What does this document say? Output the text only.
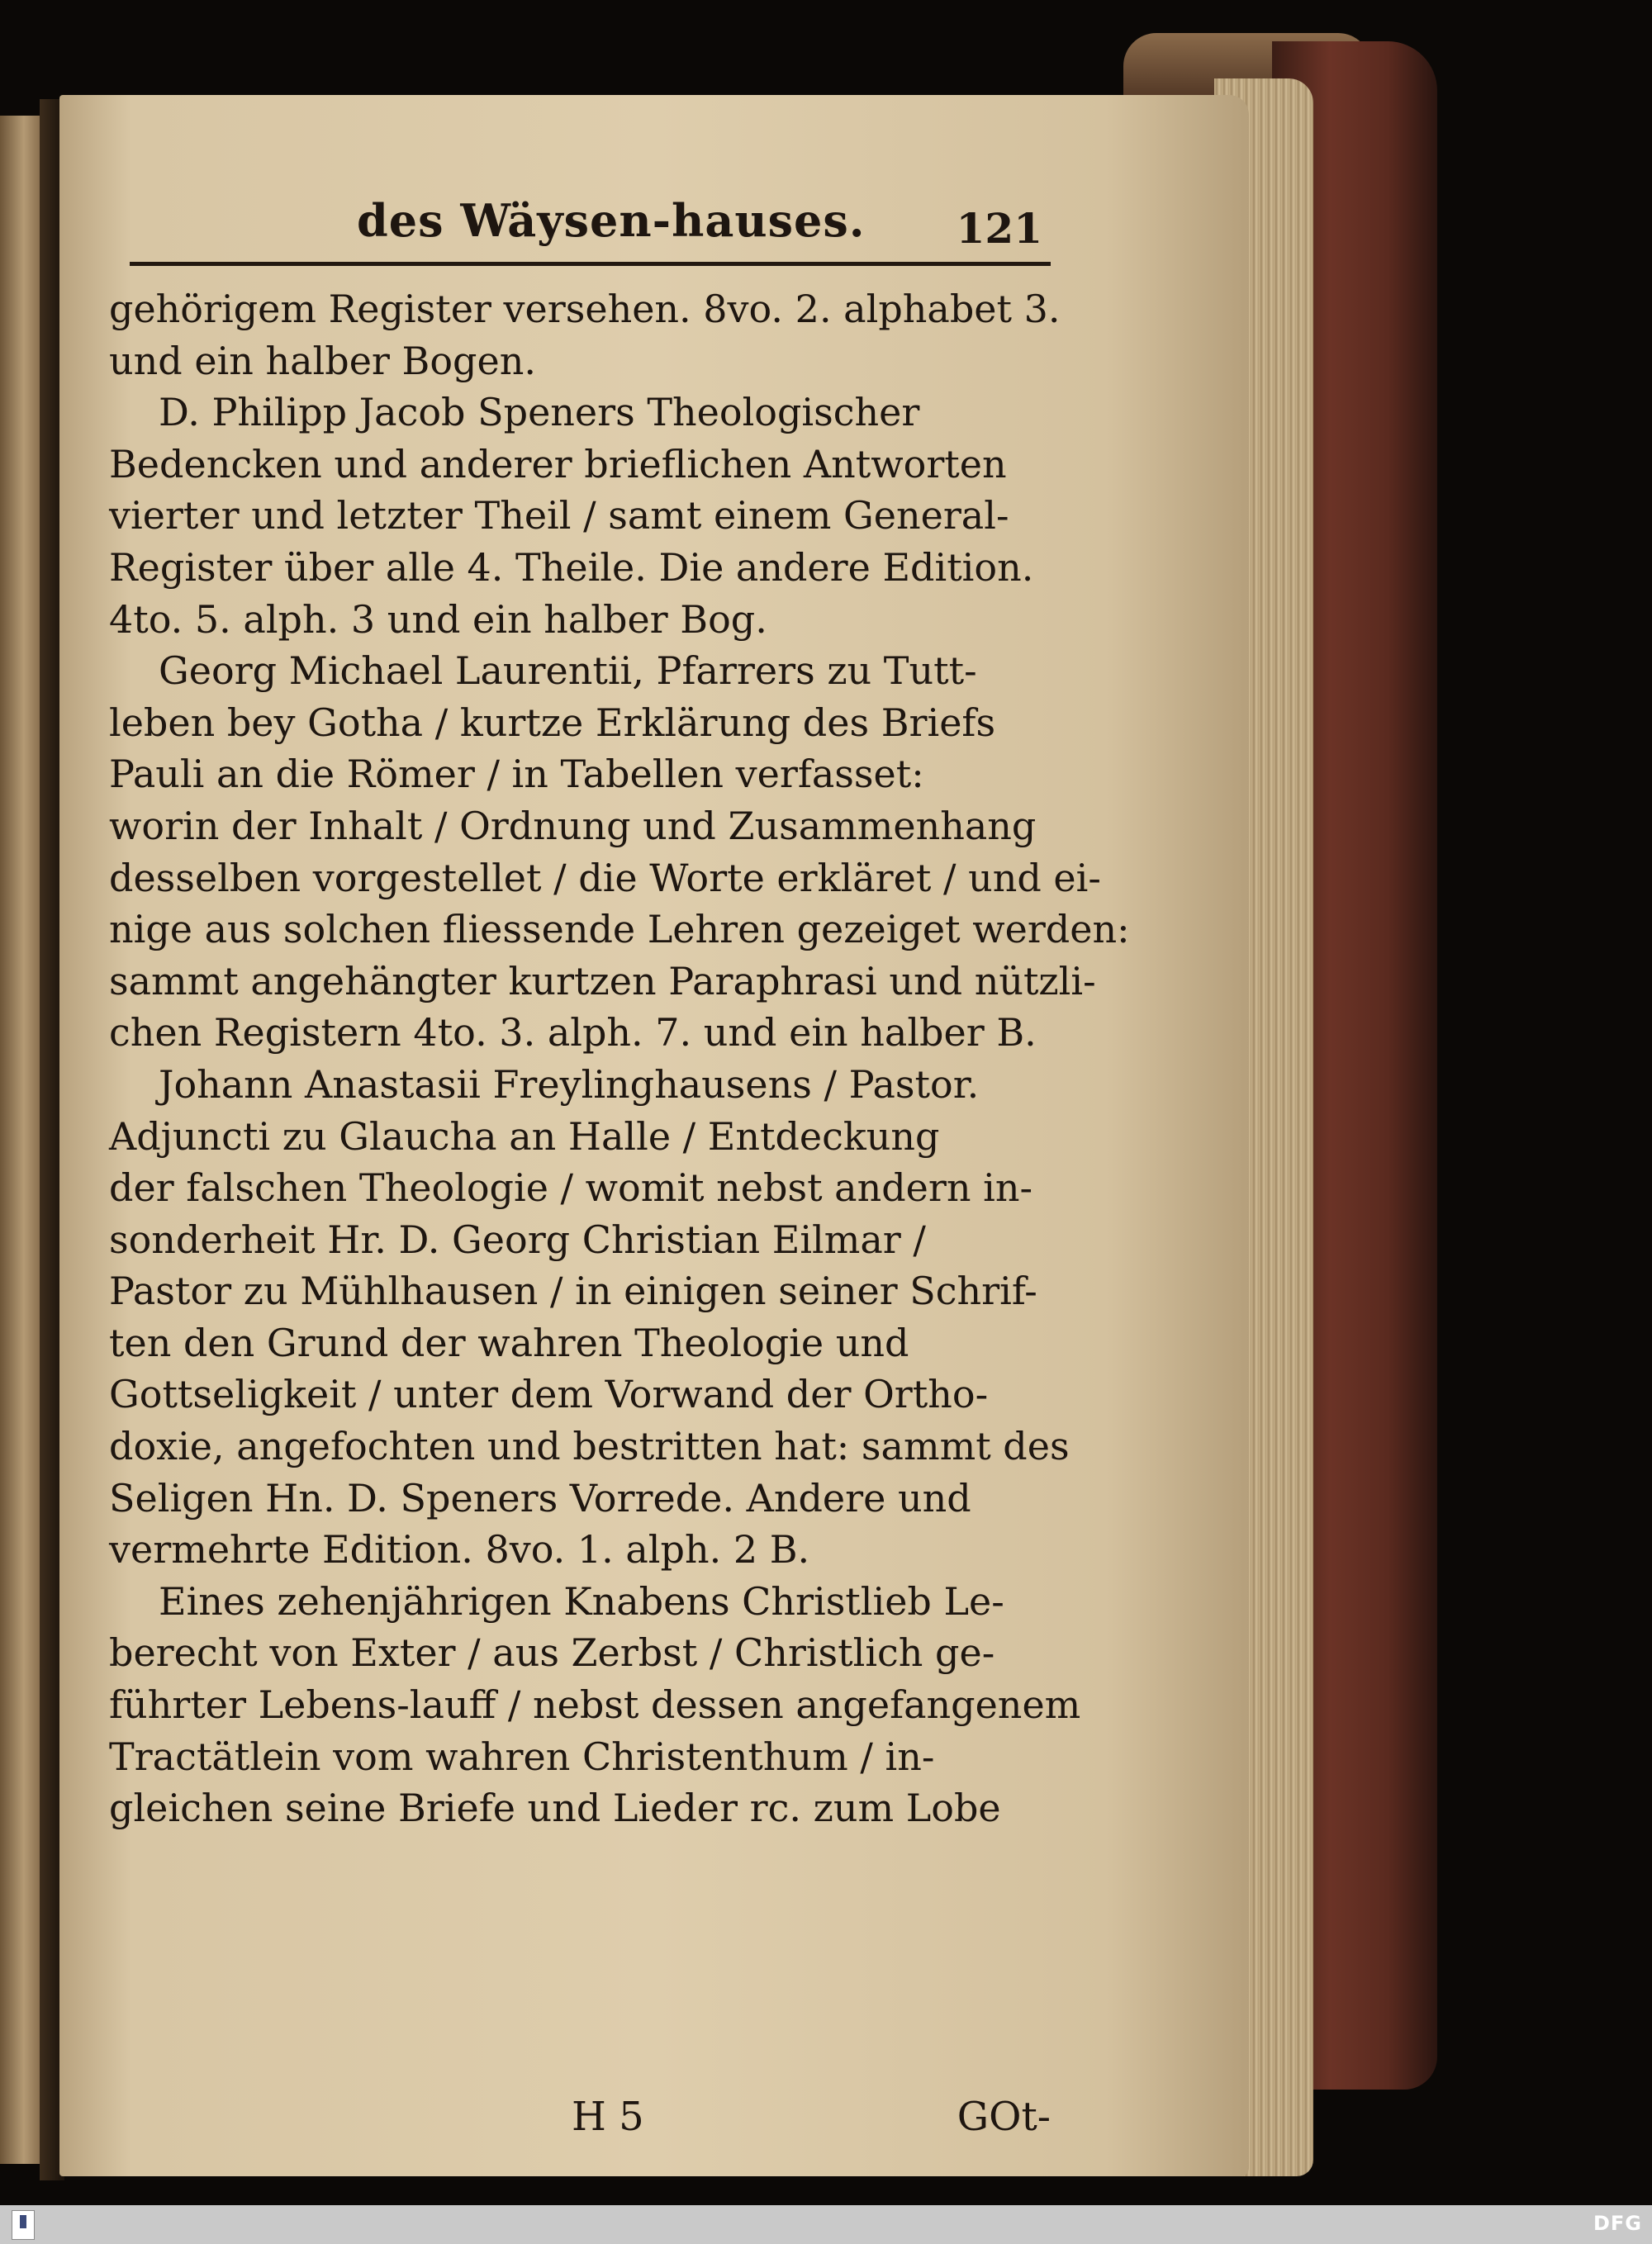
des Wäysen-hauses. 121
gehörigem Register versehen. 8vo. 2. alphabet 3.
und ein halber Bogen.
D. Philipp Jacob Speners Theologischer
Bedencken und anderer brieflichen Antworten
vierter und letzter Theil / samt einem General-
Register über alle 4. Theile. Die andere Edition.
4to. 5. alph. 3 und ein halber Bog.
Georg Michael Laurentii, Pfarrers zu Tutt-
leben bey Gotha / kurtze Erklärung des Briefs
Pauli an die Römer / in Tabellen verfasset:
worin der Inhalt / Ordnung und Zusammenhang
desselben vorgestellet / die Worte erkläret / und ei-
nige aus solchen fliessende Lehren gezeiget werden:
sammt angehängter kurtzen Paraphrasi und nützli-
chen Registern 4to. 3. alph. 7. und ein halber B.
Johann Anastasii Freylinghausens / Pastor.
Adjuncti zu Glaucha an Halle / Entdeckung
der falschen Theologie / womit nebst andern in-
sonderheit Hr. D. Georg Christian Eilmar /
Pastor zu Mühlhausen / in einigen seiner Schrif-
ten den Grund der wahren Theologie und
Gottseligkeit / unter dem Vorwand der Ortho-
doxie, angefochten und bestritten hat: sammt des
Seligen Hn. D. Speners Vorrede. Andere und
vermehrte Edition. 8vo. 1. alph. 2 B.
Eines zehenjährigen Knabens Christlieb Le-
berecht von Exter / aus Zerbst / Christlich ge-
führter Lebens-lauff / nebst dessen angefangenem
Tractätlein vom wahren Christenthum / in-
gleichen seine Briefe und Lieder rc. zum Lobe
H 5	GOt-
DFG
